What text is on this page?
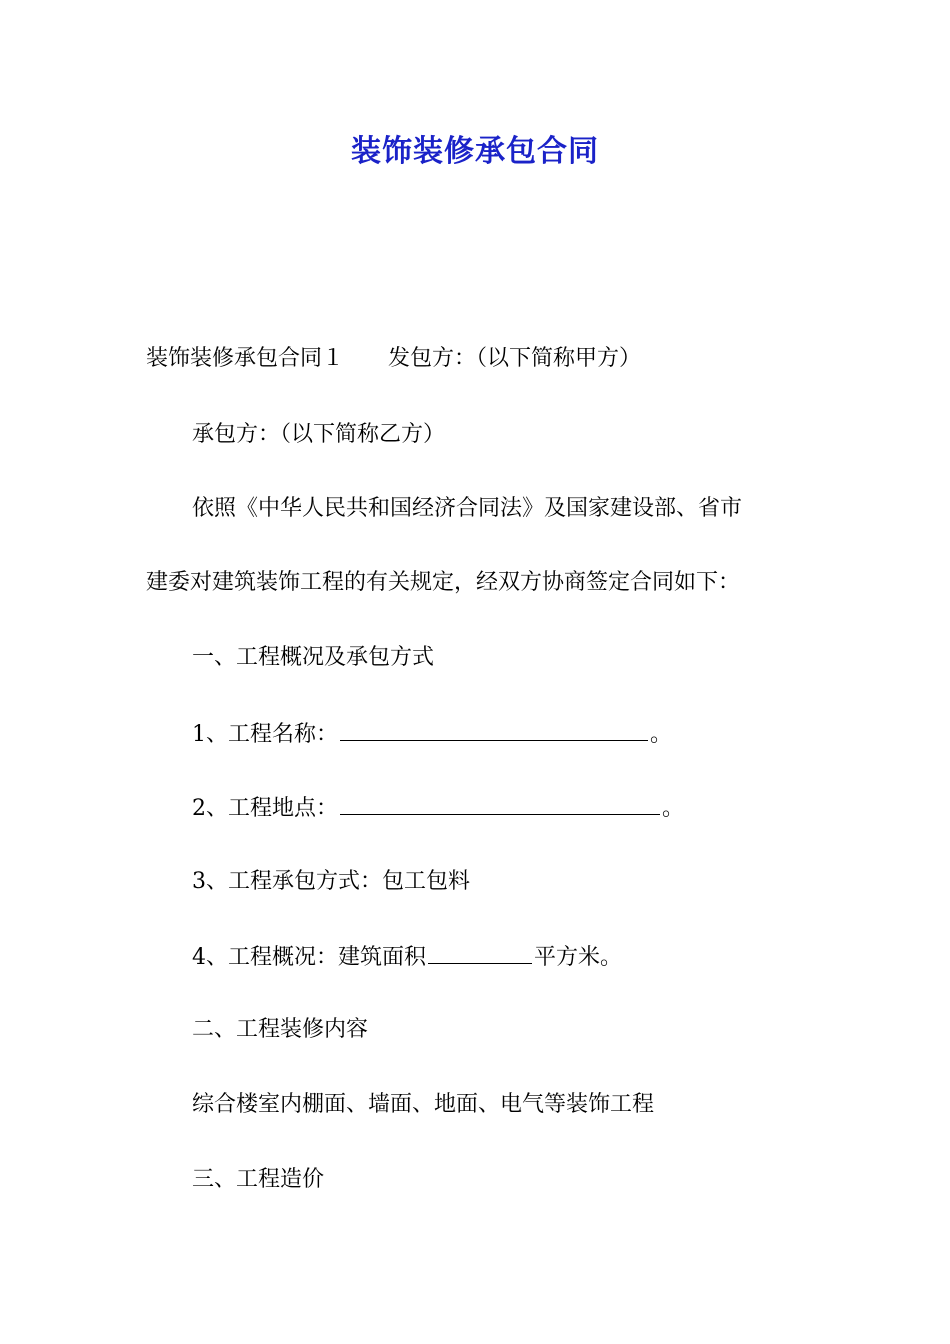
装饰装修承包合同
装饰装修承包合同１ 发包方：（以下简称甲方）
承包方：（以下简称乙方）
依照《中华人民共和国经济合同法》及国家建设部、省市
建委对建筑装饰工程的有关规定，经双方协商签定合同如下：
一、工程概况及承包方式
1、工程名称：	。
2、工程地点：	。
3、工程承包方式：包工包料
4、工程概况：建筑面积	平方米。
二、工程装修内容
综合楼室内棚面、墙面、地面、电气等装饰工程
三、工程造价
